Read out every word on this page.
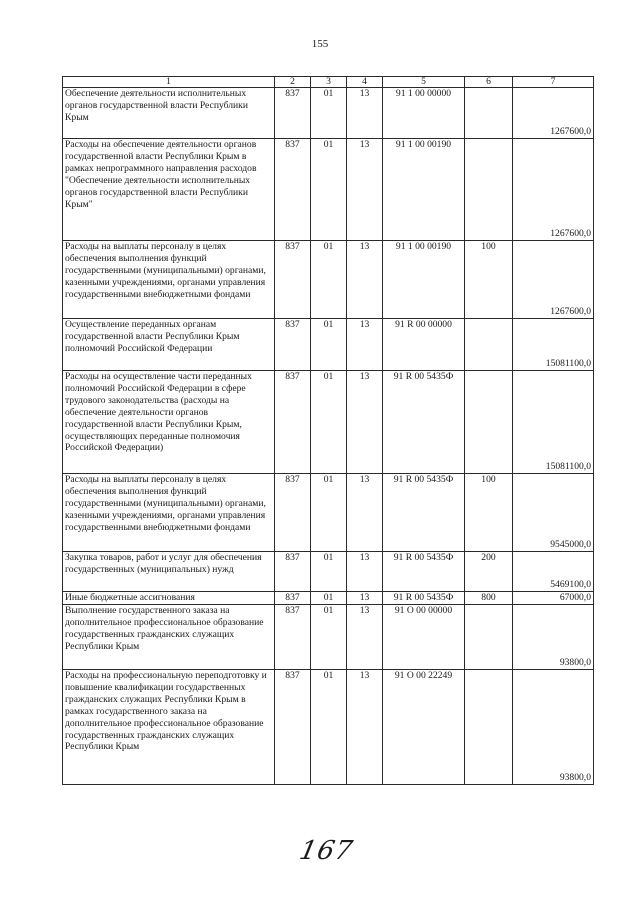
155
1	2	3	4	5	6	7
Обеспечение деятельности исполнительных органов государственной власти Республики Крым	837	01	13	91 1 00 00000		1267600,0
Расходы на обеспечение деятельности органов государственной власти Республики Крым в рамках непрограммного направления расходов "Обеспечение деятельности исполнительных органов государственной власти Республики Крым"	837	01	13	91 1 00 00190		1267600,0
Расходы на выплаты персоналу в целях обеспечения выполнения функций государственными (муниципальными) органами, казенными учреждениями, органами управления государственными внебюджетными фондами	837	01	13	91 1 00 00190	100	1267600,0
Осуществление переданных органам государственной власти Республики Крым полномочий Российской Федерации	837	01	13	91 R 00 00000		15081100,0
Расходы на осуществление части переданных полномочий Российской Федерации в сфере трудового законодательства (расходы на обеспечение деятельности органов государственной власти Республики Крым, осуществляющих переданные полномочия Российской Федерации)	837	01	13	91 R 00 5435Ф		15081100,0
Расходы на выплаты персоналу в целях обеспечения выполнения функций государственными (муниципальными) органами, казенными учреждениями, органами управления государственными внебюджетными фондами	837	01	13	91 R 00 5435Ф	100	9545000,0
Закупка товаров, работ и услуг для обеспечения государственных (муниципальных) нужд	837	01	13	91 R 00 5435Ф	200	5469100,0
Иные бюджетные ассигнования	837	01	13	91 R 00 5435Ф	800	67000,0
Выполнение государственного заказа на дополнительное профессиональное образование государственных гражданских служащих Республики Крым	837	01	13	91 О 00 00000		93800,0
Расходы на профессиональную переподготовку и повышение квалификации государственных гражданских служащих Республики Крым в рамках государственного заказа на дополнительное профессиональное образование государственных гражданских служащих Республики Крым	837	01	13	91 О 00 22249		93800,0
167
